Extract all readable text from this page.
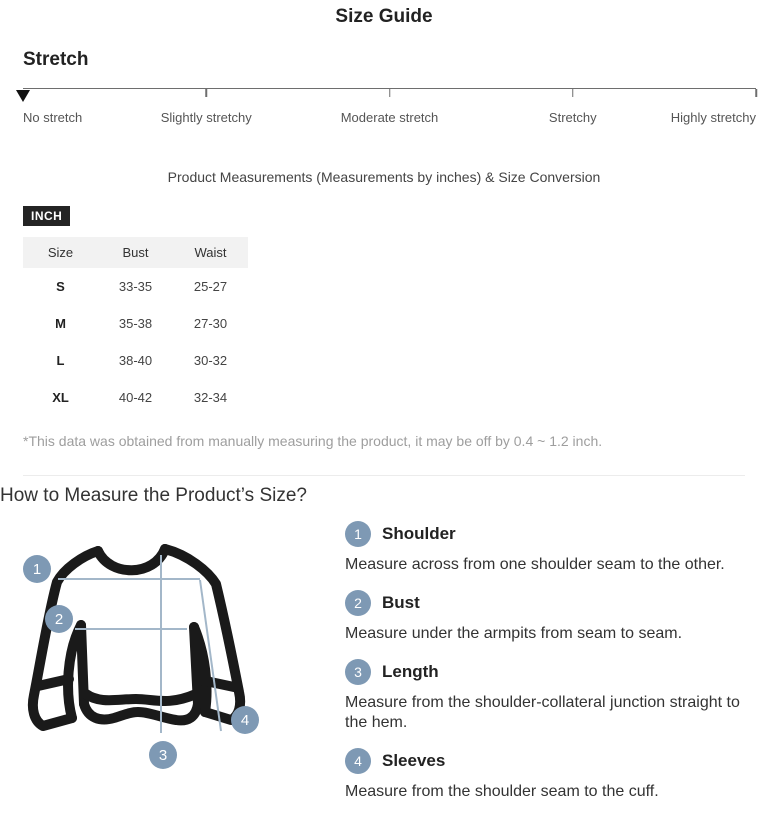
Size Guide
Stretch
No stretch	Slightly stretchy	Moderate stretch	Stretchy	Highly stretchy
Product Measurements (Measurements by inches) & Size Conversion
INCH
Size	Bust	Waist
S	33-35	25-27
M	35-38	27-30
L	38-40	30-32
XL	40-42	32-34
*This data was obtained from manually measuring the product, it may be off by 0.4 ~ 1.2 inch.
How to Measure the Product’s Size?
1
2
3
4
1	Shoulder
Measure across from one shoulder seam to the other.
2	Bust
Measure under the armpits from seam to seam.
3	Length
Measure from the shoulder-collateral junction straight to the hem.
4	Sleeves
Measure from the shoulder seam to the cuff.
